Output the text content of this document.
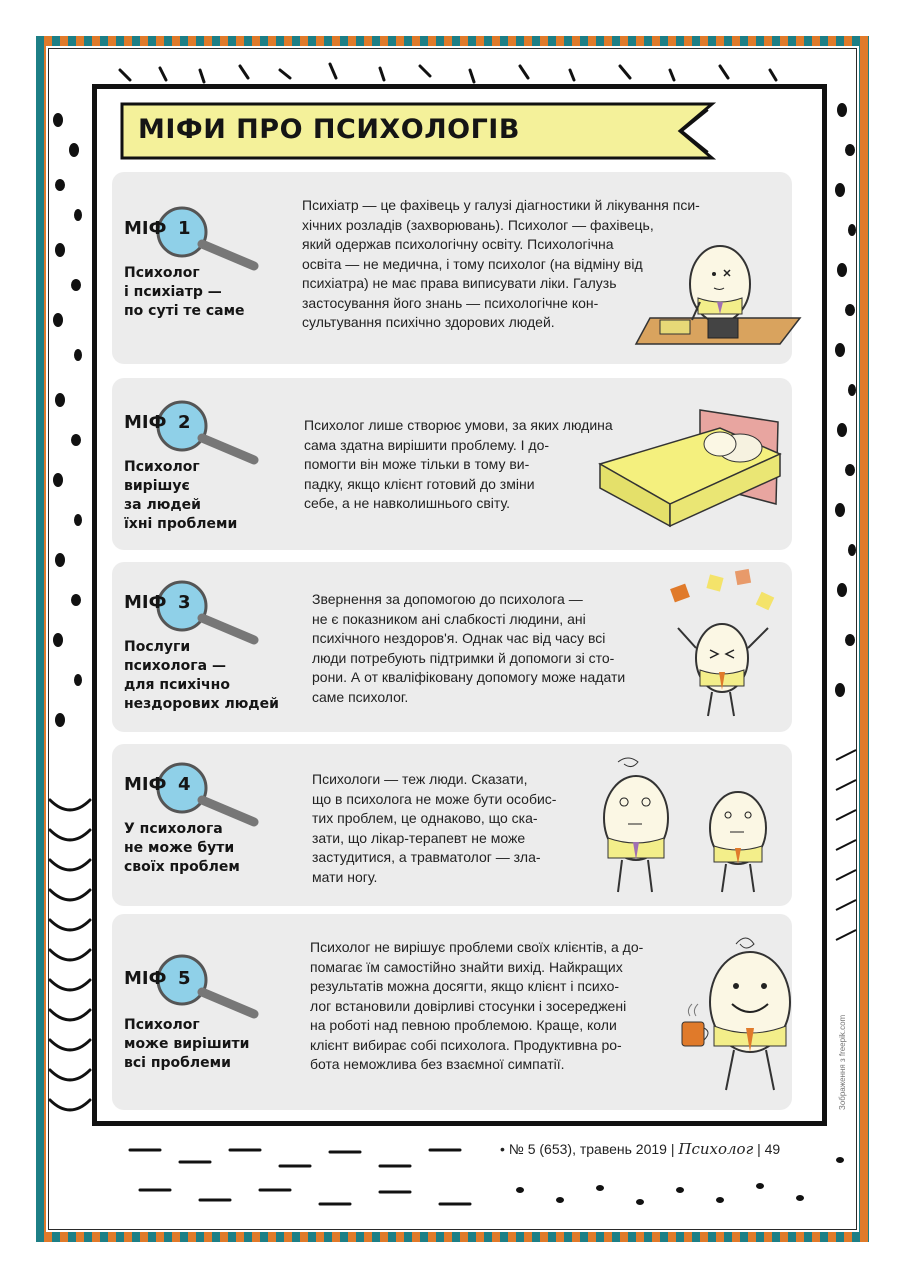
МІФИ ПРО ПСИХОЛОГІВ
МІФ 1
МІФ 2
МІФ 3
МІФ 4
МІФ 5
Психолог
і психіатр —
по суті те саме
Психолог
вирішує
за людей
їхні проблеми
Послуги
психолога —
для психічно
нездорових людей
У психолога
не може бути
своїх проблем
Психолог
може вирішити
всі проблеми
Психіатр — це фахівець у галузі діагностики й лікування пси-
хічних розладів (захворювань). Психолог — фахівець,
який одержав психологічну освіту. Психологічна
освіта — не медична, і тому психолог (на відміну від
психіатра) не має права виписувати ліки. Галузь
застосування його знань — психологічне кон-
сультування психічно здорових людей.
Психолог лише створює умови, за яких людина
сама здатна вирішити проблему. І до-
помогти він може тільки в тому ви-
падку, якщо клієнт готовий до зміни
себе, а не навколишнього світу.
Звернення за допомогою до психолога —
не є показником ані слабкості людини, ані
психічного нездоров'я. Однак час від часу всі
люди потребують підтримки й допомоги зі сто-
рони. А от кваліфіковану допомогу може надати
саме психолог.
Психологи — теж люди. Сказати,
що в психолога не може бути особис-
тих проблем, це однаково, що ска-
зати, що лікар-терапевт не може
застудитися, а травматолог — зла-
мати ногу.
Психолог не вирішує проблеми своїх клієнтів, а до-
помагає їм самостійно знайти вихід. Найкращих
результатів можна досягти, якщо клієнт і психо-
лог встановили довірливі стосунки і зосереджені
на роботі над певною проблемою. Краще, коли
клієнт вибирає собі психолога. Продуктивна ро-
бота неможлива без взаємної симпатії.	Зображення з freepik.com
• № 5 (653), травень 2019 | Психолог | 49
